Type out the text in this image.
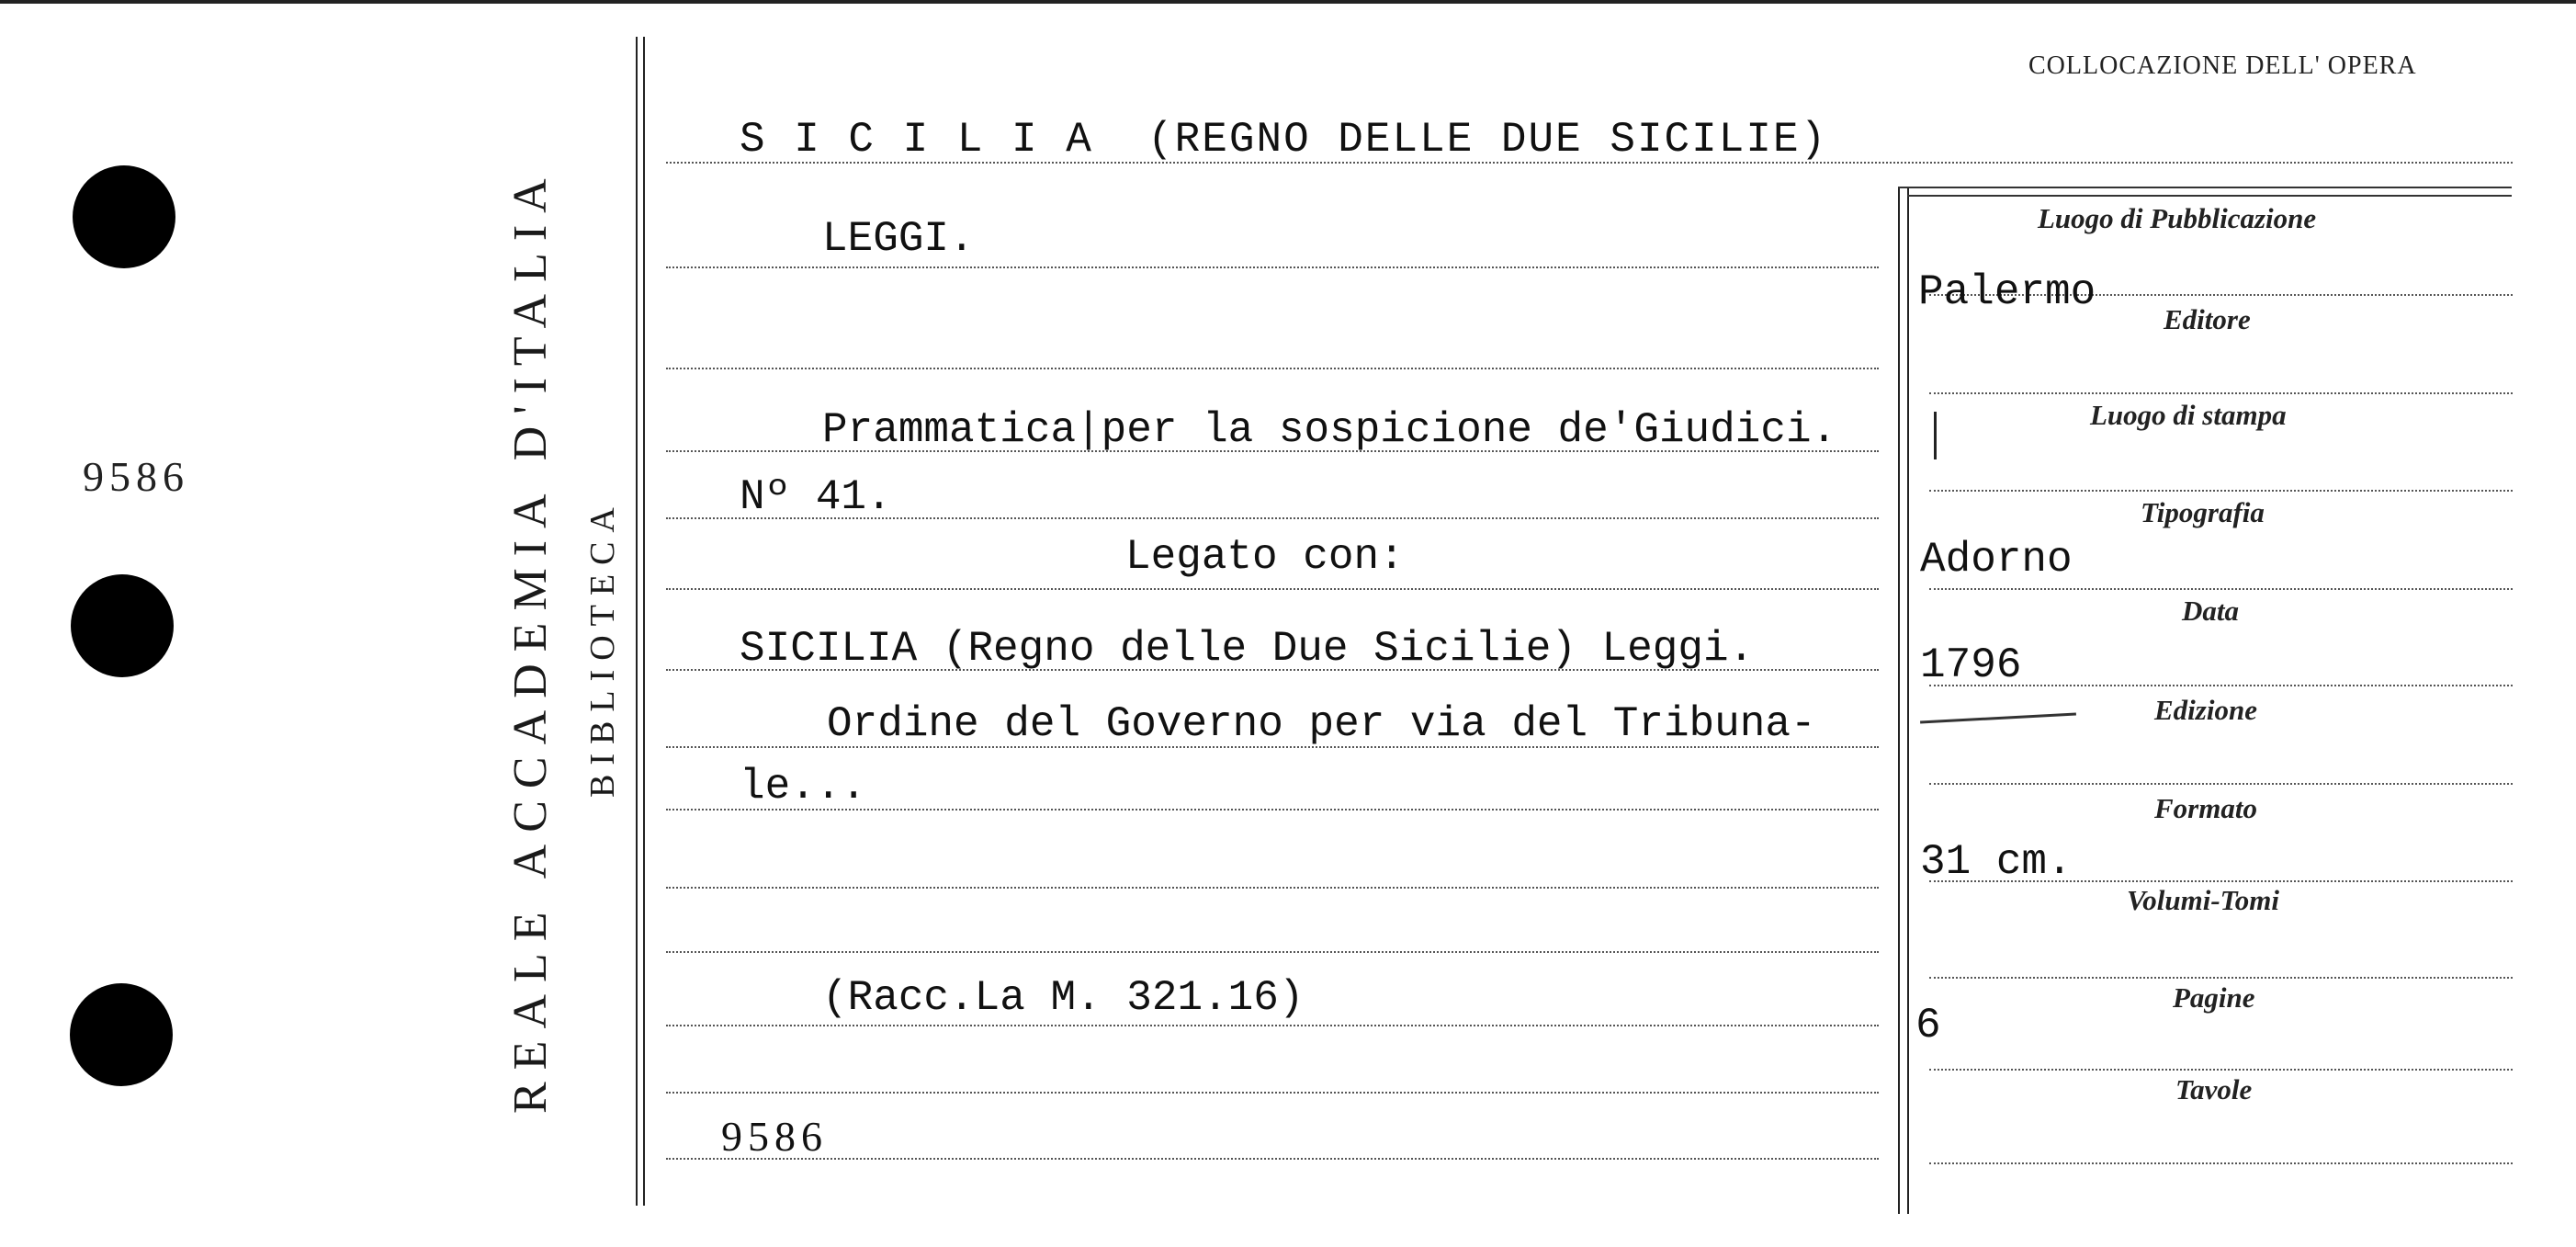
9586	REALE ACCADEMIA D'ITALIA BIBLIOTECA
COLLOCAZIONE DELL' OPERA
S I C I L I A  (REGNO DELLE DUE SICILIE)
LEGGI.
Prammatica|per la sospicione de'Giudici.
Nº 41.
Legato con:
SICILIA (Regno delle Due Sicilie) Leggi.
Ordine del Governo per via del Tribuna-
le...
(Racc.La M. 321.16)
9586
Luogo di Pubblicazione
Editore
Luogo di stampa
Tipografia
Data
Edizione
Formato
Volumi-Tomi
Pagine
Tavole
Palermo
Adorno
1796
31 cm.
6
